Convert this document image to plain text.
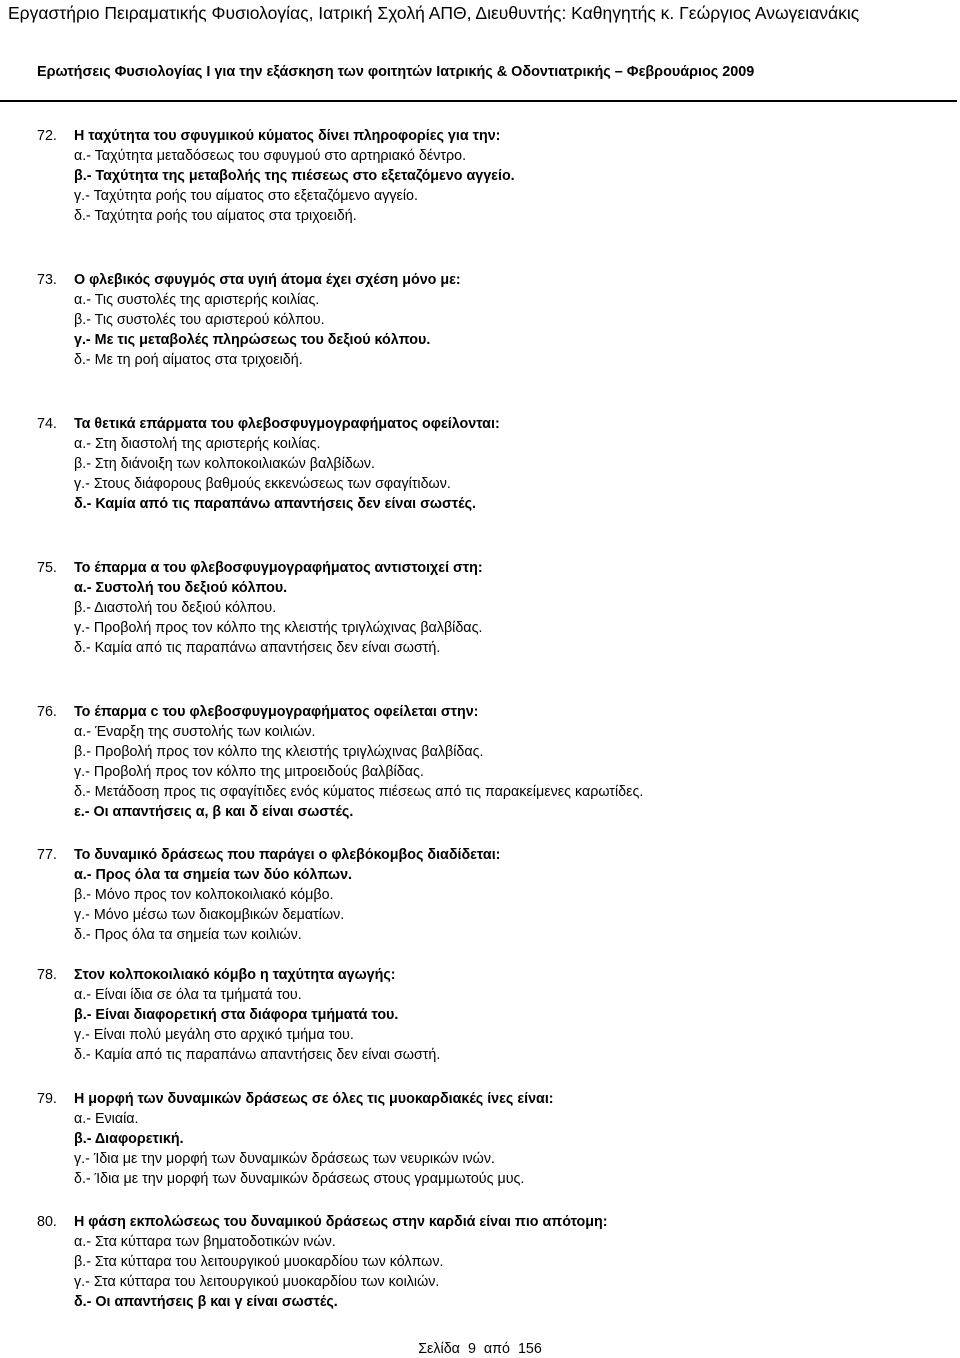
Εργαστήριο Πειραματικής Φυσιολογίας, Ιατρική Σχολή ΑΠΘ, Διευθυντής: Καθηγητής κ. Γεώργιος Ανωγειανάκις
Ερωτήσεις Φυσιολογίας Ι για την εξάσκηση των φοιτητών Ιατρικής & Οδοντιατρικής – Φεβρουάριος 2009
72.	Η ταχύτητα του σφυγμικού κύματος δίνει πληροφορίες για την:
α.- Ταχύτητα μεταδόσεως του σφυγμού στο αρτηριακό δέντρο.
β.- Ταχύτητα της μεταβολής της πιέσεως στο εξεταζόμενο αγγείο.
γ.- Ταχύτητα ροής του αίματος στο εξεταζόμενο αγγείο.
δ.- Ταχύτητα ροής του αίματος στα τριχοειδή.
73.	Ο φλεβικός σφυγμός στα υγιή άτομα έχει σχέση μόνο με:
α.- Τις συστολές της αριστερής κοιλίας.
β.- Τις συστολές του αριστερού κόλπου.
γ.- Με τις μεταβολές πληρώσεως του δεξιού κόλπου.
δ.- Με τη ροή αίματος στα τριχοειδή.
74.	Τα θετικά επάρματα του φλεβοσφυγμογραφήματος οφείλονται:
α.- Στη διαστολή της αριστερής κοιλίας.
β.- Στη διάνοιξη των κολποκοιλιακών βαλβίδων.
γ.- Στους διάφορους βαθμούς εκκενώσεως των σφαγίτιδων.
δ.- Καμία από τις παραπάνω απαντήσεις δεν είναι σωστές.
75.	Το έπαρμα α του φλεβοσφυγμογραφήματος αντιστοιχεί στη:
α.- Συστολή του δεξιού κόλπου.
β.- Διαστολή του δεξιού κόλπου.
γ.- Προβολή προς τον κόλπο της κλειστής τριγλώχινας βαλβίδας.
δ.- Καμία από τις παραπάνω απαντήσεις δεν είναι σωστή.
76.	Το έπαρμα c του φλεβοσφυγμογραφήματος οφείλεται στην:
α.- Έναρξη της συστολής των κοιλιών.
β.- Προβολή προς τον κόλπο της κλειστής τριγλώχινας βαλβίδας.
γ.- Προβολή προς τον κόλπο της μιτροειδούς βαλβίδας.
δ.- Μετάδοση προς τις σφαγίτιδες ενός κύματος πιέσεως από τις παρακείμενες καρωτίδες.
ε.- Οι απαντήσεις α, β και δ είναι σωστές.
77.	Το δυναμικό δράσεως που παράγει ο φλεβόκομβος διαδίδεται:
α.- Προς όλα τα σημεία των δύο κόλπων.
β.- Μόνο προς τον κολποκοιλιακό κόμβο.
γ.- Μόνο μέσω των διακομβικών δεματίων.
δ.- Προς όλα τα σημεία των κοιλιών.
78.	Στον κολποκοιλιακό κόμβο η ταχύτητα αγωγής:
α.- Είναι ίδια σε όλα τα τμήματά του.
β.- Είναι διαφορετική στα διάφορα τμήματά του.
γ.- Είναι πολύ μεγάλη στο αρχικό τμήμα του.
δ.- Καμία από τις παραπάνω απαντήσεις δεν είναι σωστή.
79.	Η μορφή των δυναμικών δράσεως σε όλες τις μυοκαρδιακές ίνες είναι:
α.- Ενιαία.
β.- Διαφορετική.
γ.- Ίδια με την μορφή των δυναμικών δράσεως των νευρικών ινών.
δ.- Ίδια με την μορφή των δυναμικών δράσεως στους γραμμωτούς μυς.
80.	Η φάση εκπολώσεως του δυναμικού δράσεως στην καρδιά είναι πιο απότομη:
α.- Στα κύτταρα των βηματοδοτικών ινών.
β.- Στα κύτταρα του λειτουργικού μυοκαρδίου των κόλπων.
γ.- Στα κύτταρα του λειτουργικού μυοκαρδίου των κοιλιών.
δ.- Οι απαντήσεις β και γ είναι σωστές.
Σελίδα 9 από 156
